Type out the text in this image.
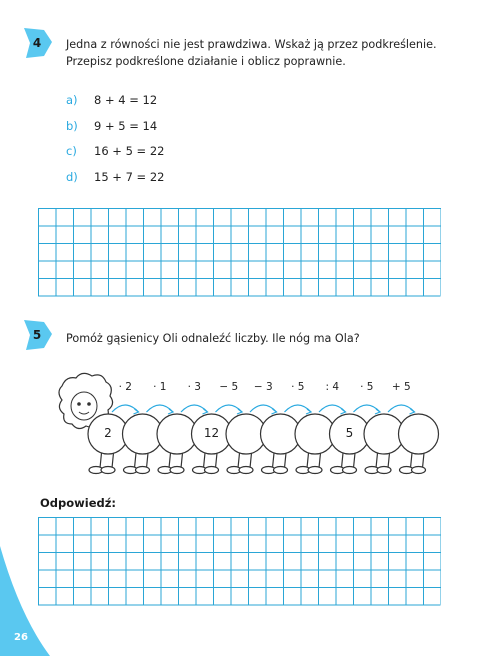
26
4	Jedna z równości nie jest prawdziwa. Wskaż ją przez podkreślenie.
Przepisz podkreślone działanie i oblicz poprawnie.
a) 8 + 4 = 12
b) 9 + 5 = 14
c) 16 + 5 = 22
d) 15 + 7 = 22
5	Pomóż gąsienicy Oli odnaleźć liczby. Ile nóg ma Ola?
· 2	· 1	· 3	− 5	− 3	· 5	: 4	· 5	+ 5
2	12	5
Odpowiedź:
